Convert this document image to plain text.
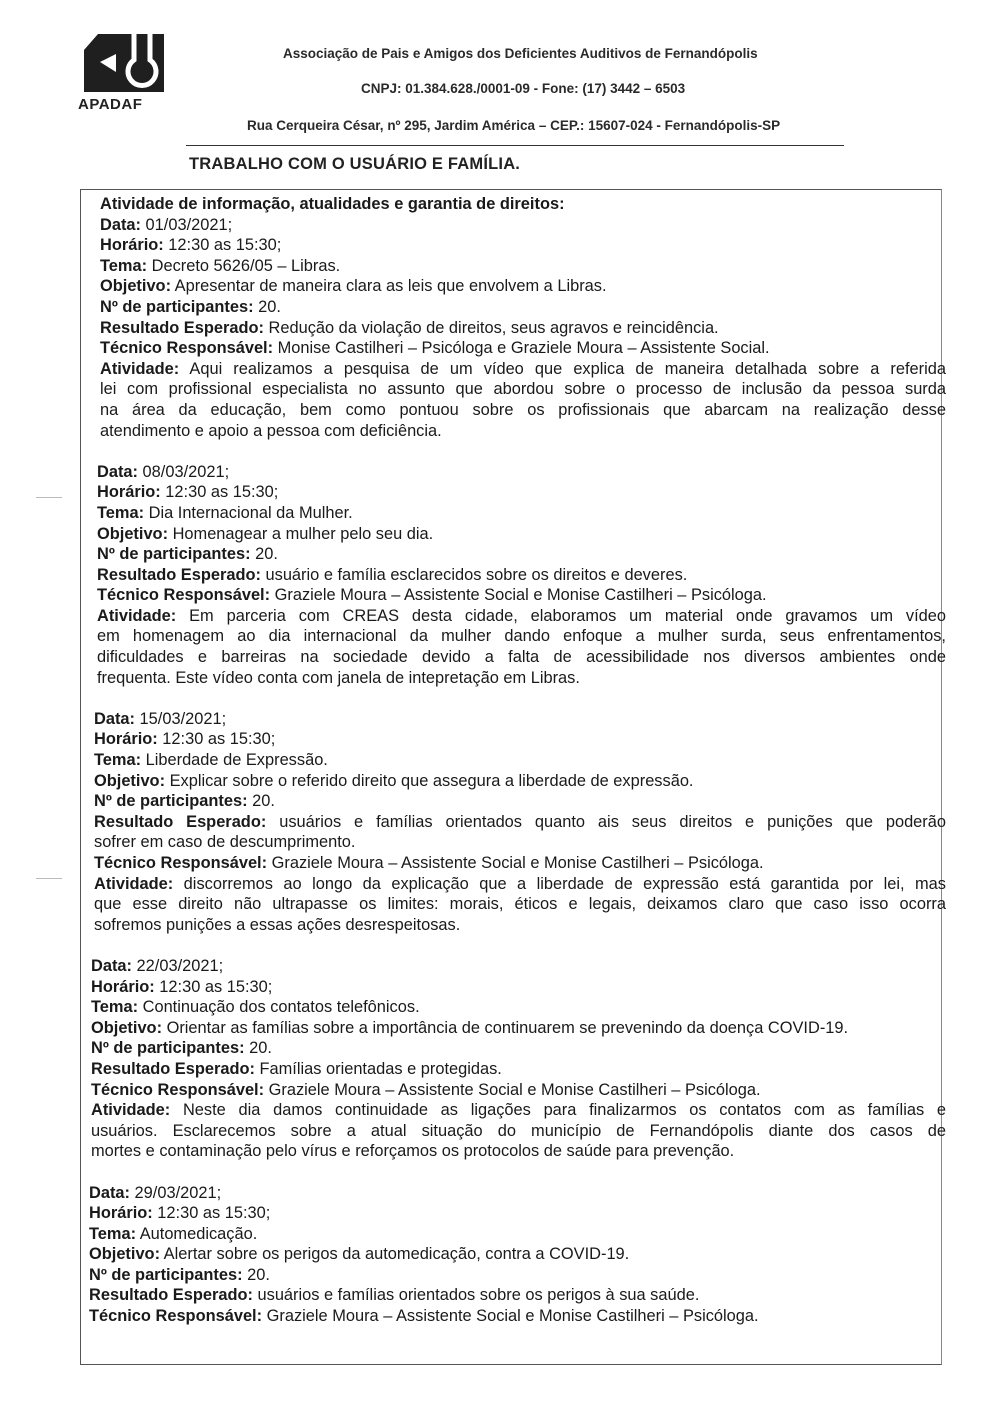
APADAF
Associação de Pais e Amigos dos Deficientes Auditivos de Fernandópolis
CNPJ: 01.384.628./0001-09 - Fone: (17) 3442 – 6503
Rua Cerqueira César, nº 295, Jardim América – CEP.: 15607-024 - Fernandópolis-SP
TRABALHO COM O USUÁRIO E FAMÍLIA.
Atividade de informação, atualidades e garantia de direitos:
Data: 01/03/2021;
Horário: 12:30 as 15:30;
Tema: Decreto 5626/05 – Libras.
Objetivo: Apresentar de maneira clara as leis que envolvem a Libras.
Nº de participantes: 20.
Resultado Esperado: Redução da violação de direitos, seus agravos e reincidência.
Técnico Responsável: Monise Castilheri – Psicóloga e Graziele Moura – Assistente Social.
Atividade: Aqui realizamos a pesquisa de um vídeo que explica de maneira detalhada sobre a referida
lei com profissional especialista no assunto que abordou sobre o processo de inclusão da pessoa surda
na área da educação, bem como pontuou sobre os profissionais que abarcam na realização desse
atendimento e apoio a pessoa com deficiência.
Data: 08/03/2021;
Horário: 12:30 as 15:30;
Tema: Dia Internacional da Mulher.
Objetivo: Homenagear a mulher pelo seu dia.
Nº de participantes: 20.
Resultado Esperado: usuário e família esclarecidos sobre os direitos e deveres.
Técnico Responsável: Graziele Moura – Assistente Social e Monise Castilheri – Psicóloga.
Atividade: Em parceria com CREAS desta cidade, elaboramos um material onde gravamos um vídeo
em homenagem ao dia internacional da mulher dando enfoque a mulher surda, seus enfrentamentos,
dificuldades e barreiras na sociedade devido a falta de acessibilidade nos diversos ambientes onde
frequenta. Este vídeo conta com janela de intepretação em Libras.
Data: 15/03/2021;
Horário: 12:30 as 15:30;
Tema: Liberdade de Expressão.
Objetivo: Explicar sobre o referido direito que assegura a liberdade de expressão.
Nº de participantes: 20.
Resultado Esperado: usuários e famílias orientados quanto ais seus direitos e punições que poderão
sofrer em caso de descumprimento.
Técnico Responsável: Graziele Moura – Assistente Social e Monise Castilheri – Psicóloga.
Atividade: discorremos ao longo da explicação que a liberdade de expressão está garantida por lei, mas
que esse direito não ultrapasse os limites: morais, éticos e legais, deixamos claro que caso isso ocorra
sofremos punições a essas ações desrespeitosas.
Data: 22/03/2021;
Horário: 12:30 as 15:30;
Tema: Continuação dos contatos telefônicos.
Objetivo: Orientar as famílias sobre a importância de continuarem se prevenindo da doença COVID-19.
Nº de participantes: 20.
Resultado Esperado: Famílias orientadas e protegidas.
Técnico Responsável: Graziele Moura – Assistente Social e Monise Castilheri – Psicóloga.
Atividade: Neste dia damos continuidade as ligações para finalizarmos os contatos com as famílias e
usuários. Esclarecemos sobre a atual situação do município de Fernandópolis diante dos casos de
mortes e contaminação pelo vírus e reforçamos os protocolos de saúde para prevenção.
Data: 29/03/2021;
Horário: 12:30 as 15:30;
Tema: Automedicação.
Objetivo: Alertar sobre os perigos da automedicação, contra a COVID-19.
Nº de participantes: 20.
Resultado Esperado: usuários e famílias orientados sobre os perigos à sua saúde.
Técnico Responsável: Graziele Moura – Assistente Social e Monise Castilheri – Psicóloga.
